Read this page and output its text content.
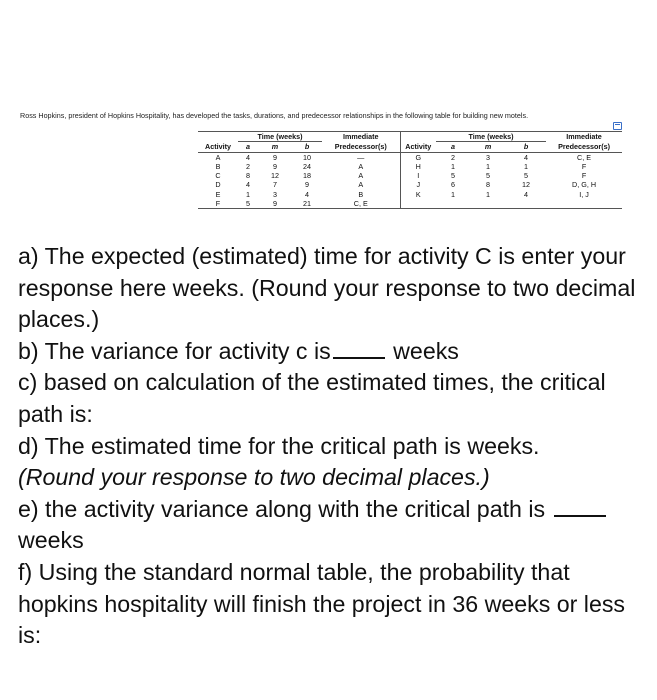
Ross Hopkins, president of Hopkins Hospitality, has developed the tasks, durations, and predecessor relationships in the following table for building new motels.
	Time (weeks)			Immediate		Time (weeks)			Immediate
Activity	a	m	b	Predecessor(s)	Activity	a	m	b	Predecessor(s)
A	4	9	10	—	G	2	3	4	C, E
B	2	9	24	A	H	1	1	1	F
C	8	12	18	A	I	5	5	5	F
D	4	7	9	A	J	6	8	12	D, G, H
E	1	3	4	B	K	1	1	4	I, J
F	5	9	21	C, E					

a) The expected (estimated) time for activity C is enter your response here weeks. (Round your response to two decimal places.)

b) The variance for activity c is	weeks

c) based on calculation of the estimated times, the critical path is:

d) The estimated time for the critical path is weeks.

(Round your response to two decimal places.)

e) the activity variance along with the critical path is  weeks

f) Using the standard normal table, the probability that hopkins hospitality will finish the project in 36 weeks or less is:
